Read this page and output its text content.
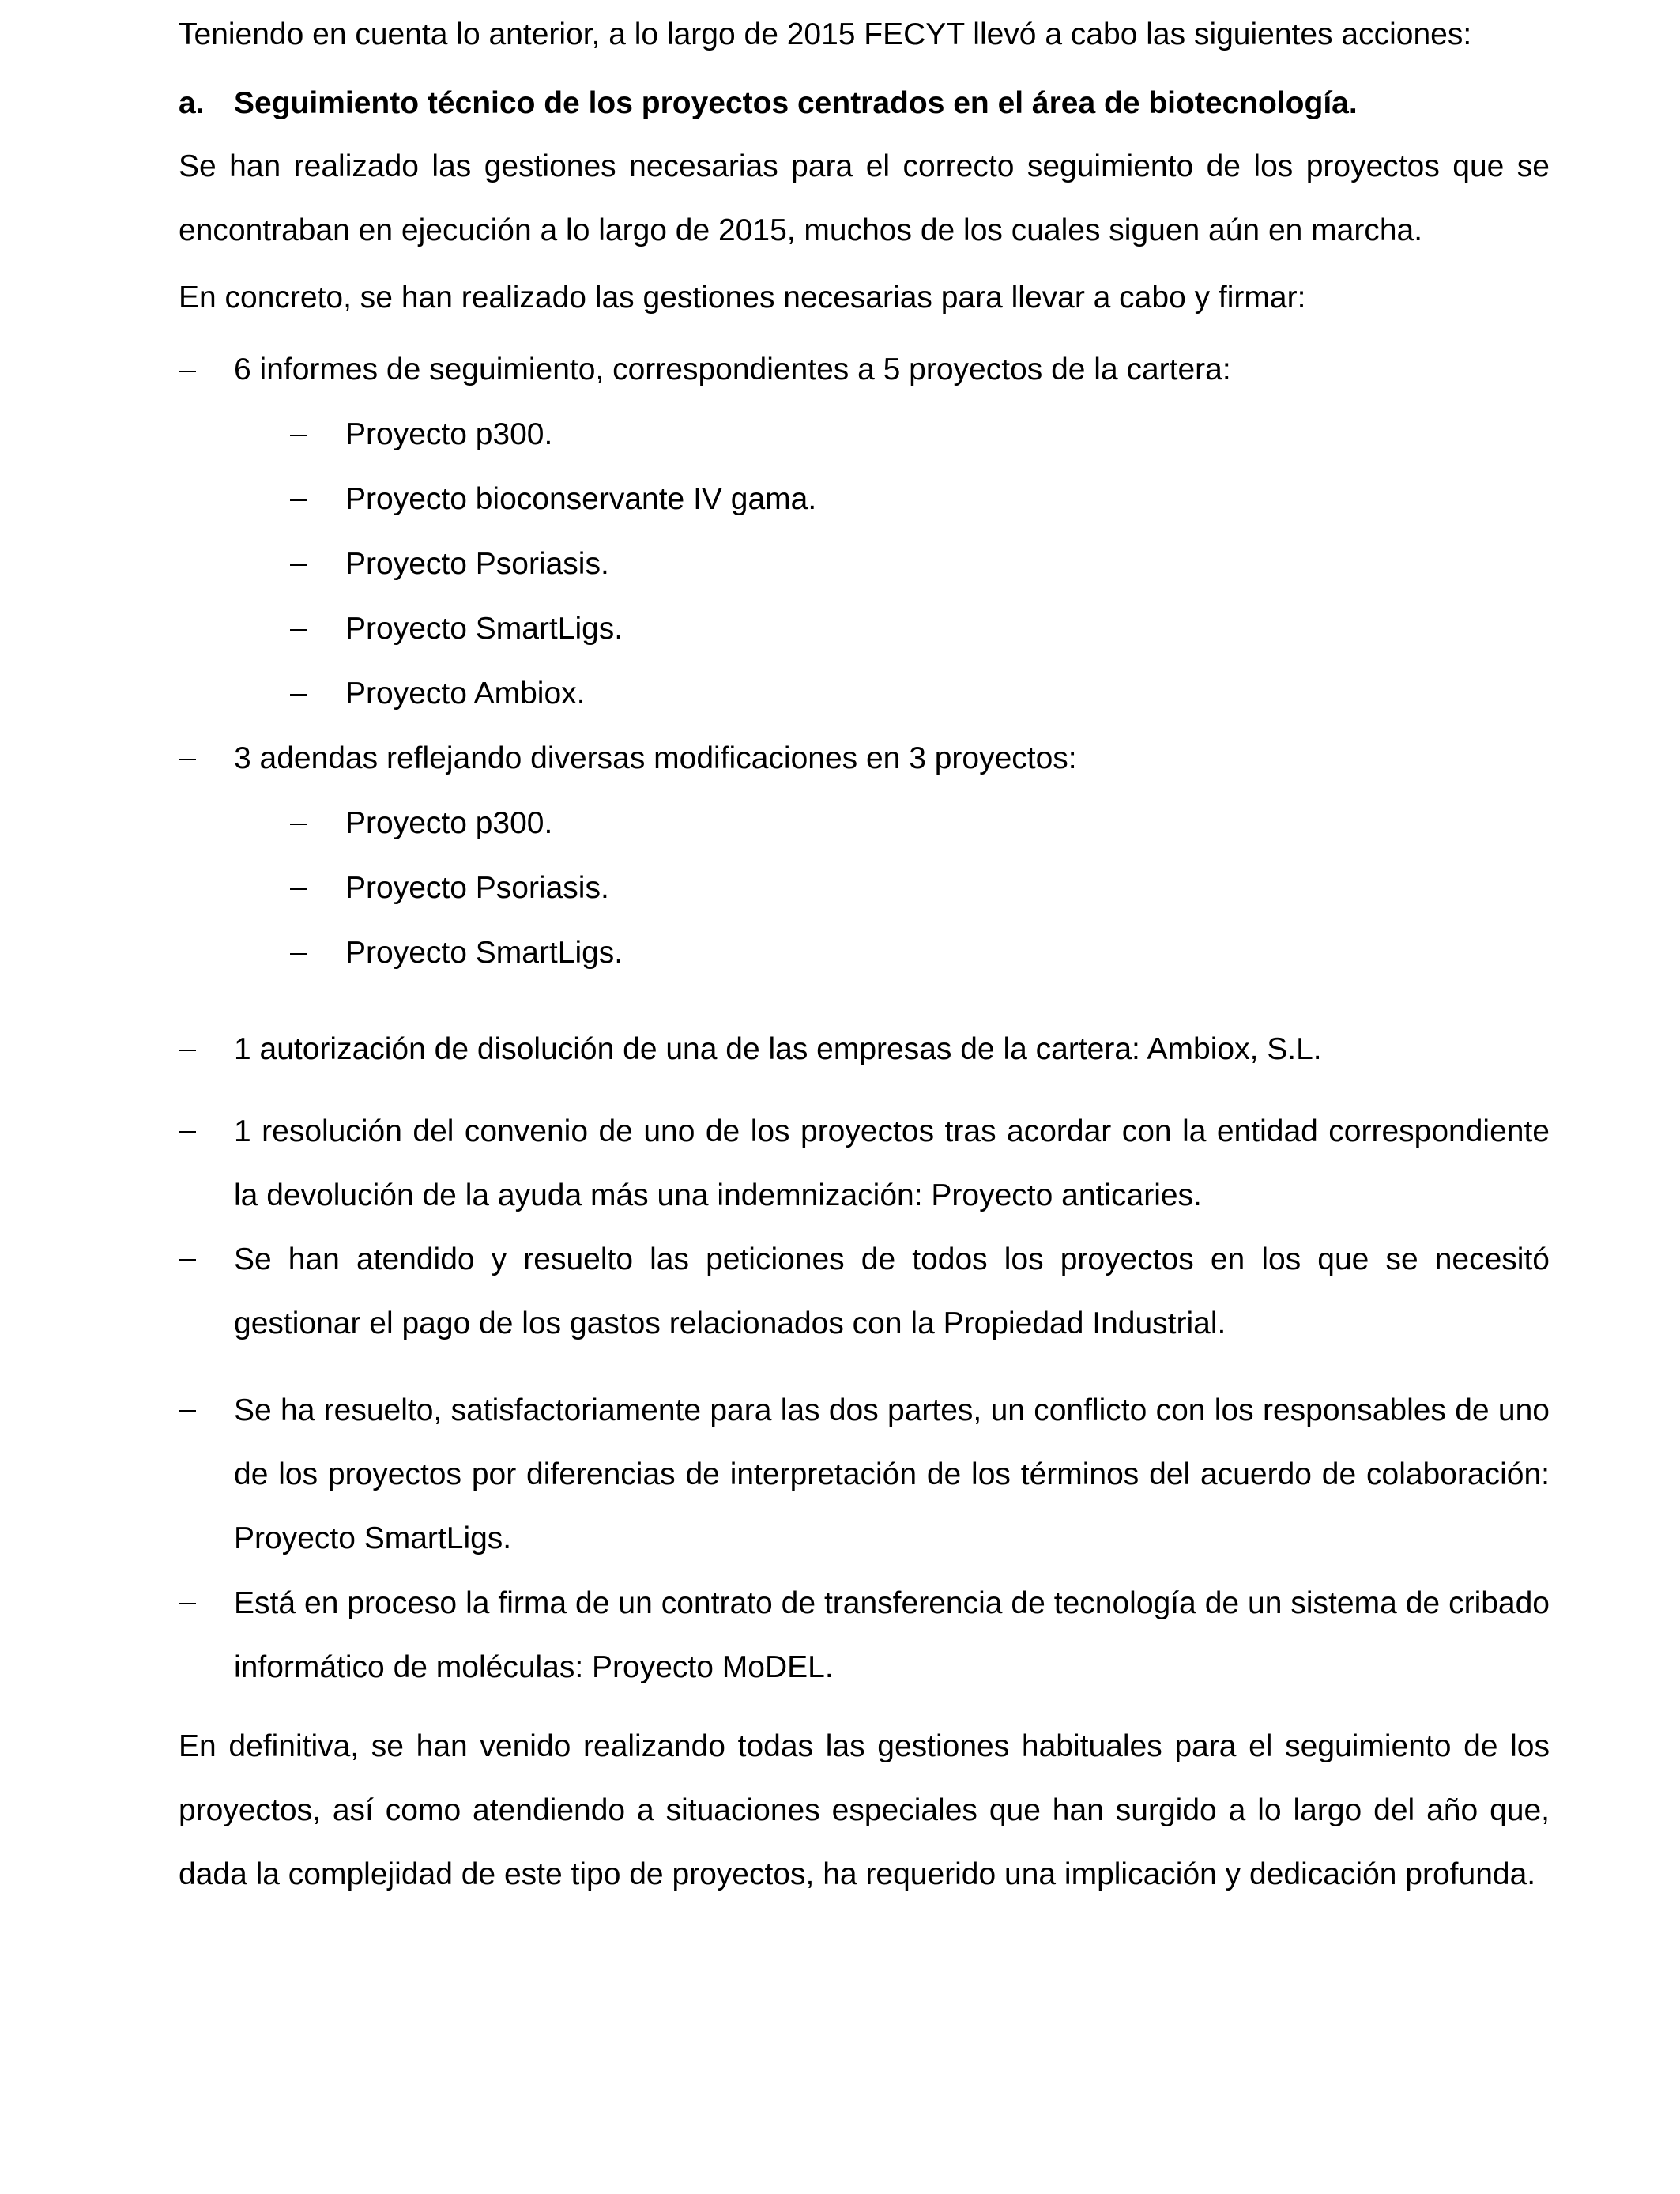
Teniendo en cuenta lo anterior, a lo largo de 2015 FECYT llevó a cabo las siguientes acciones:
a. Seguimiento técnico de los proyectos centrados en el área de biotecnología.
Se han realizado las gestiones necesarias para el correcto seguimiento de los proyectos que se encontraban en ejecución a lo largo de 2015, muchos de los cuales siguen aún en marcha.
En concreto, se han realizado las gestiones necesarias para llevar a cabo y firmar:
6 informes de seguimiento, correspondientes a 5 proyectos de la cartera:
Proyecto p300.
Proyecto bioconservante IV gama.
Proyecto Psoriasis.
Proyecto SmartLigs.
Proyecto Ambiox.
3 adendas reflejando diversas modificaciones en 3 proyectos:
Proyecto p300.
Proyecto Psoriasis.
Proyecto SmartLigs.
1 autorización de disolución de una de las empresas de la cartera: Ambiox, S.L.
1 resolución del convenio de uno de los proyectos tras acordar con la entidad correspondiente la devolución de la ayuda más una indemnización: Proyecto anticaries.
Se han atendido y resuelto las peticiones de todos los proyectos en los que se necesitó gestionar el pago de los gastos relacionados con la Propiedad Industrial.
Se ha resuelto, satisfactoriamente para las dos partes, un conflicto con los responsables de uno de los proyectos por diferencias de interpretación de los términos del acuerdo de colaboración: Proyecto SmartLigs.
Está en proceso la firma de un contrato de transferencia de tecnología de un sistema de cribado informático de moléculas: Proyecto MoDEL.
En definitiva, se han venido realizando todas las gestiones habituales para el seguimiento de los proyectos, así como atendiendo a situaciones especiales que han surgido a lo largo del año que, dada la complejidad de este tipo de proyectos, ha requerido una implicación y dedicación profunda.
